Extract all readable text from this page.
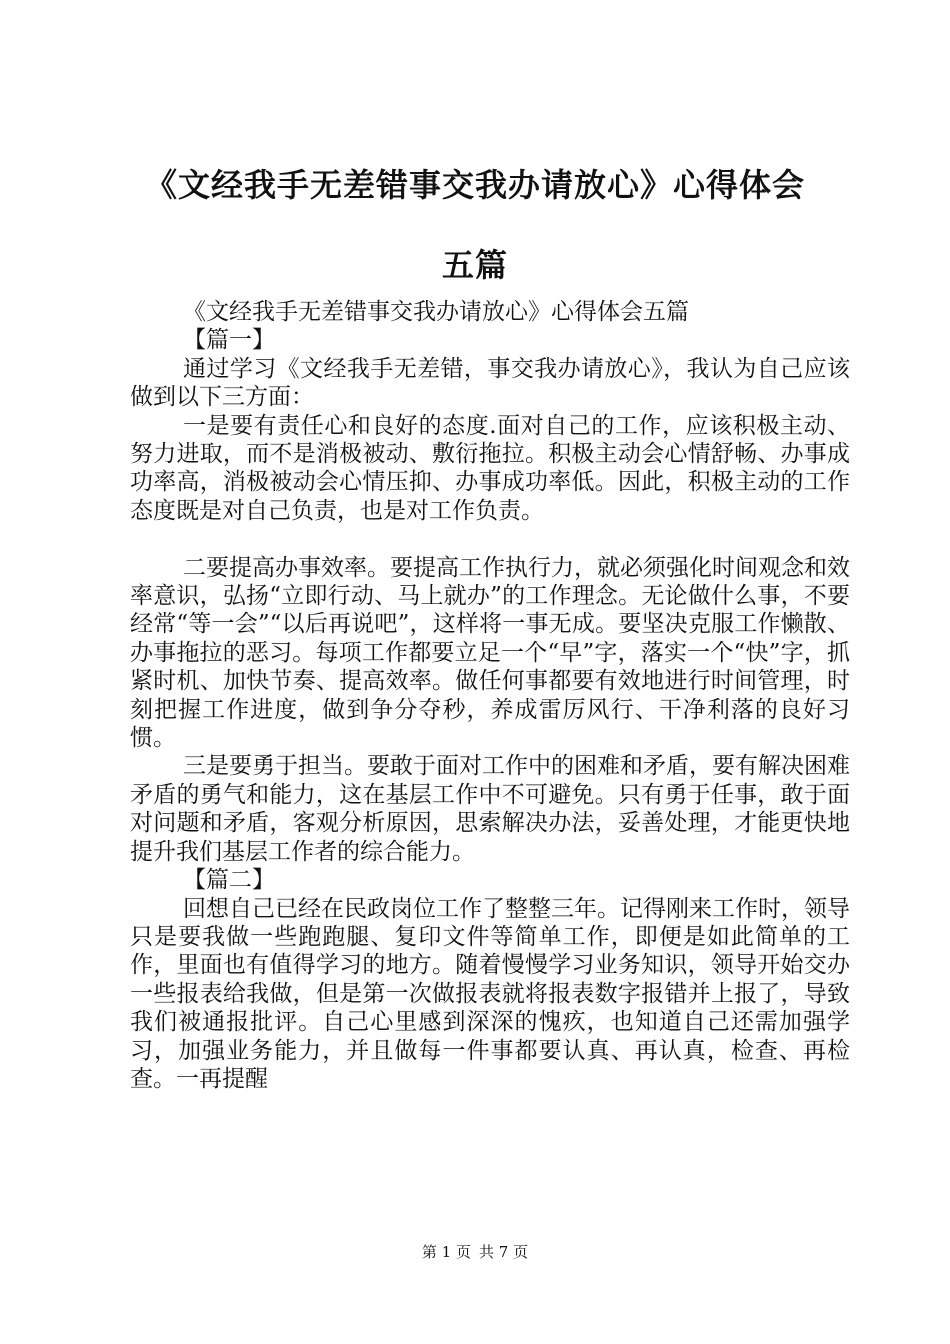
《文经我手无差错事交我办请放心》心得体会
五篇

《文经我手无差错事交我办请放心》心得体会五篇

【篇一】

通过学习《文经我手无差错，事交我办请放心》，我认为自己应该做到以下三方面：

一是要有责任心和良好的态度.面对自己的工作，应该积极主动、努力进取，而不是消极被动、敷衍拖拉。积极主动会心情舒畅、办事成功率高，消极被动会心情压抑、办事成功率低。因此，积极主动的工作态度既是对自己负责，也是对工作负责。

二要提高办事效率。要提高工作执行力，就必须强化时间观念和效率意识，弘扬“立即行动、马上就办”的工作理念。无论做什么事，不要经常“等一会”“以后再说吧”，这样将一事无成。要坚决克服工作懒散、办事拖拉的恶习。每项工作都要立足一个“早”字，落实一个“快”字，抓紧时机、加快节奏、提高效率。做任何事都要有效地进行时间管理，时刻把握工作进度，做到争分夺秒，养成雷厉风行、干净利落的良好习惯。

三是要勇于担当。要敢于面对工作中的困难和矛盾，要有解决困难矛盾的勇气和能力，这在基层工作中不可避免。只有勇于任事，敢于面对问题和矛盾，客观分析原因，思索解决办法，妥善处理，才能更快地提升我们基层工作者的综合能力。

【篇二】

回想自己已经在民政岗位工作了整整三年。记得刚来工作时，领导只是要我做一些跑跑腿、复印文件等简单工作，即便是如此简单的工作，里面也有值得学习的地方。随着慢慢学习业务知识，领导开始交办一些报表给我做，但是第一次做报表就将报表数字报错并上报了，导致我们被通报批评。自己心里感到深深的愧疚，也知道自己还需加强学习，加强业务能力，并且做每一件事都要认真、再认真，检查、再检查。一再提醒

第 1 页 共 7 页
